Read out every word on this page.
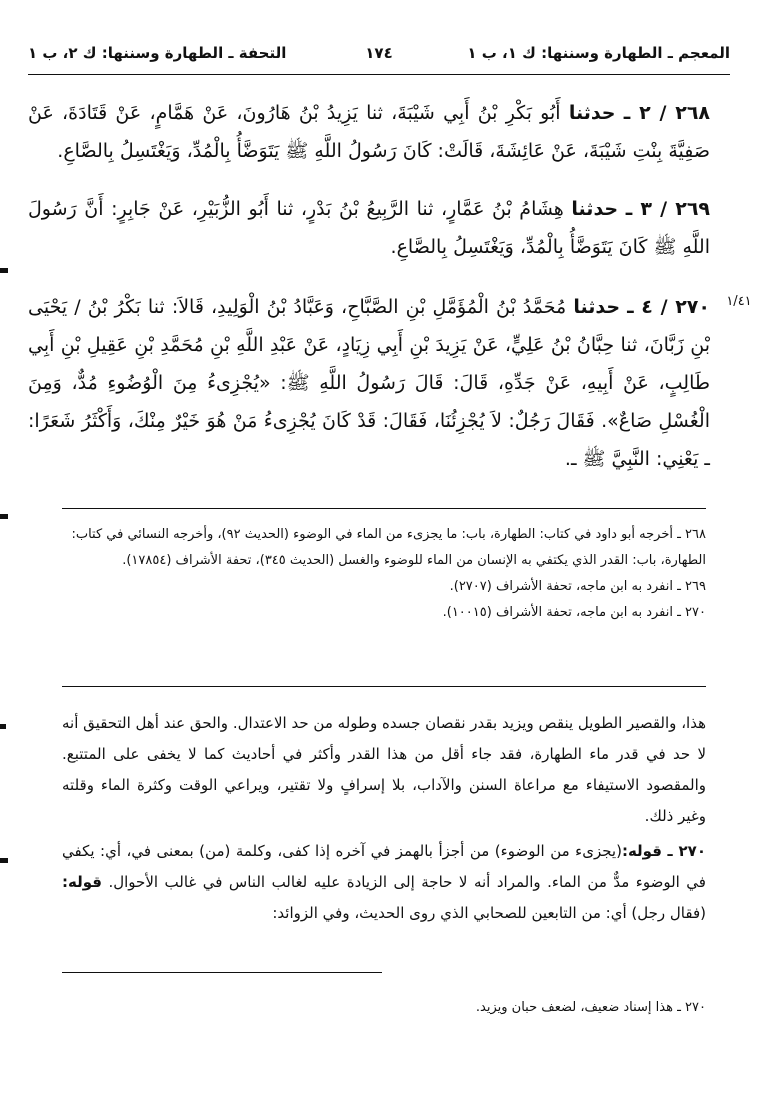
المعجم ـ الطهارة وسننها: ك ١، ب ١
١٧٤
التحفة ـ الطهارة وسننها: ك ٢، ب ١
١/٤١
٢٦٨ / ٢ ـ حدثنا أَبُو بَكْرِ بْنُ أَبِي شَيْبَةَ، ثنا يَزِيدُ بْنُ هَارُونَ، عَنْ هَمَّامٍ، عَنْ قَتَادَةَ، عَنْ صَفِيَّةَ بِنْتِ شَيْبَةَ، عَنْ عَائِشَةَ، قَالَتْ: كَانَ رَسُولُ اللَّهِ ﷺ يَتَوَضَّأُ بِالْمُدِّ، وَيَغْتَسِلُ بِالصَّاعِ.
٢٦٩ / ٣ ـ حدثنا هِشَامُ بْنُ عَمَّارٍ، ثنا الرَّبِيعُ بْنُ بَدْرٍ، ثنا أَبُو الزُّبَيْرِ، عَنْ جَابِرٍ: أَنَّ رَسُولَ اللَّهِ ﷺ كَانَ يَتَوَضَّأُ بِالْمُدِّ، وَيَغْتَسِلُ بِالصَّاعِ.
٢٧٠ / ٤ ـ حدثنا مُحَمَّدُ بْنُ الْمُؤَمَّلِ بْنِ الصَّبَّاحِ، وَعَبَّادُ بْنُ الْوَلِيدِ، قَالاَ: ثنا بَكْرُ بْنُ / يَحْيَى بْنِ زَبَّانَ، ثنا حِبَّانُ بْنُ عَلِيٍّ، عَنْ يَزِيدَ بْنِ أَبِي زِيَادٍ، عَنْ عَبْدِ اللَّهِ بْنِ مُحَمَّدِ بْنِ عَقِيلِ بْنِ أَبِي طَالِبٍ، عَنْ أَبِيهِ، عَنْ جَدِّهِ، قَالَ: قَالَ رَسُولُ اللَّهِ ﷺ: «يُجْزِىءُ مِنَ الْوُضُوءِ مُدٌّ، وَمِنَ الْغُسْلِ صَاعٌ». فَقَالَ رَجُلٌ: لاَ يُجْزِئُنَا، فَقَالَ: قَدْ كَانَ يُجْزِىءُ مَنْ هُوَ خَيْرٌ مِنْكَ، وَأَكْثَرُ شَعَرًا: ـ يَعْنِي: النَّبِيَّ ﷺ ـ.

٢٦٨ ـ أخرجه أبو داود في كتاب: الطهارة، باب: ما يجزىء من الماء في الوضوء (الحديث ٩٢)، وأخرجه النسائي في كتاب: الطهارة، باب: القدر الذي يكتفي به الإنسان من الماء للوضوء والغسل (الحديث ٣٤٥)، تحفة الأشراف (١٧٨٥٤).

٢٦٩ ـ انفرد به ابن ماجه، تحفة الأشراف (٢٧٠٧).

٢٧٠ ـ انفرد به ابن ماجه، تحفة الأشراف (١٠٠١٥).

هذا، والقصير الطويل ينقص ويزيد بقدر نقصان جسده وطوله من حد الاعتدال. والحق عند أهل التحقيق أنه لا حد في قدر ماء الطهارة، فقد جاء أقل من هذا القدر وأكثر في أحاديث كما لا يخفى على المتتبع. والمقصود الاستيفاء مع مراعاة السنن والآداب، بلا إسرافٍ ولا تقتير، ويراعي الوقت وكثرة الماء وقلته وغير ذلك.

٢٧٠ ـ قوله:(يجزىء من الوضوء) من أجزأ بالهمز في آخره إذا كفى، وكلمة (من) بمعنى في، أي: يكفي في الوضوء مدٌّ من الماء. والمراد أنه لا حاجة إلى الزيادة عليه لغالب الناس في غالب الأحوال. قوله: (فقال رجل) أي: من التابعين للصحابي الذي روى الحديث، وفي الزوائد:

٢٧٠ ـ هذا إسناد ضعيف، لضعف حبان ويزيد.
